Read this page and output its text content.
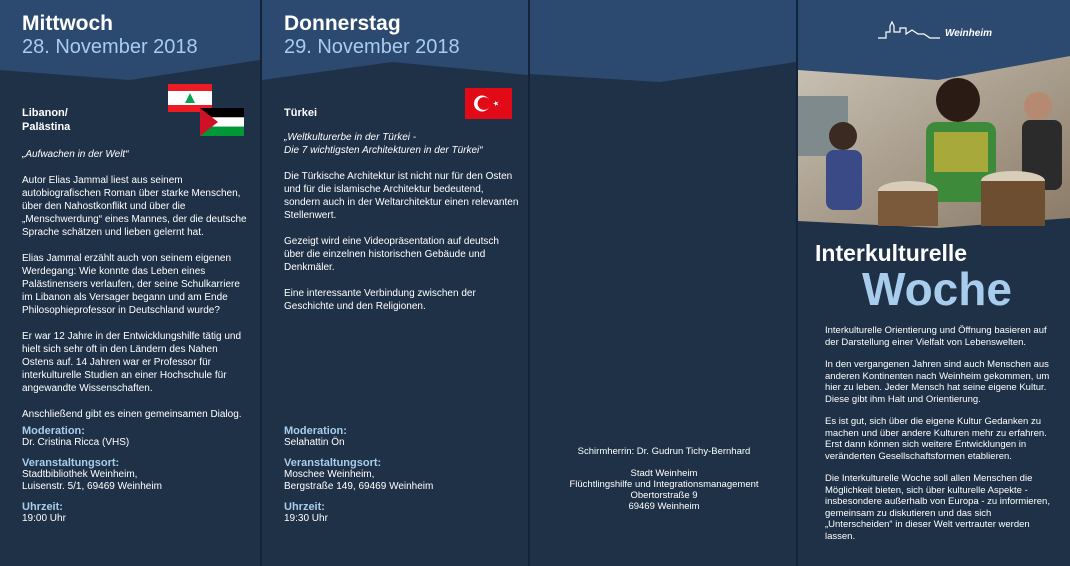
Mittwoch
28. November 2018
Libanon/
Palästina

„Aufwachen in der Welt“

Autor Elias Jammal liest aus seinem autobiografischen Roman über starke Menschen, über den Nahostkonflikt und über die „Menschwerdung“ eines Mannes, der die deutsche Sprache schätzen und lieben gelernt hat.

Elias Jammal erzählt auch von seinem eigenen Werdegang: Wie konnte das Leben eines Palästinensers verlaufen, der seine Schulkarriere im Libanon als Versager begann und am Ende Philosophieprofessor in Deutschland wurde?

Er war 12 Jahre in der Entwicklungshilfe tätig und hielt sich sehr oft in den Ländern des Nahen Ostens auf. 14 Jahren war er Professor für interkulturelle Studien an einer Hochschule für angewandte Wissenschaften.

Anschließend gibt es einen gemeinsamen Dialog.

Moderation:
Dr. Cristina Ricca (VHS)
Veranstaltungsort:
Stadtbibliothek Weinheim,
Luisenstr. 5/1, 69469 Weinheim
Uhrzeit:
19:00 Uhr
Donnerstag
29. November 2018
Türkei

„Weltkulturerbe in der Türkei -
Die 7 wichtigsten Architekturen in der Türkei“

Die Türkische Architektur ist nicht nur für den Osten und für die islamische Architektur bedeutend, sondern auch in der Weltarchitektur einen relevanten Stellenwert.

Gezeigt wird eine Videopräsentation auf deutsch über die einzelnen historischen Gebäude und Denkmäler.

Eine interessante Verbindung zwischen der Geschichte und den Religionen.

Moderation:
Selahattin Ön
Veranstaltungsort:
Moschee Weinheim,
Bergstraße 149, 69469 Weinheim
Uhrzeit:
19:30 Uhr
Schirmherrin: Dr. Gudrun Tichy-Bernhard
Stadt Weinheim
Flüchtlingshilfe und Integrationsmanagement
Obertorstraße 9
69469 Weinheim
Weinheim
Interkulturelle
Woche

Interkulturelle Orientierung und Öffnung basieren auf der Darstellung einer Vielfalt von Lebenswelten.

In den vergangenen Jahren sind auch Menschen aus anderen Kontinenten nach Weinheim gekommen, um hier zu leben. Jeder Mensch hat seine eigene Kultur. Diese gibt ihm Halt und Orientierung.

Es ist gut, sich über die eigene Kultur Gedanken zu machen und über andere Kulturen mehr zu erfahren. Erst dann können sich weitere Entwicklungen in veränderten Gesellschaftsformen etablieren.

Die Interkulturelle Woche soll allen Menschen die Möglichkeit bieten, sich über kulturelle Aspekte - insbesondere außerhalb von Europa - zu informieren, gemeinsam zu diskutieren und das sich „Unterscheiden“ in dieser Welt vertrauter werden lassen.
